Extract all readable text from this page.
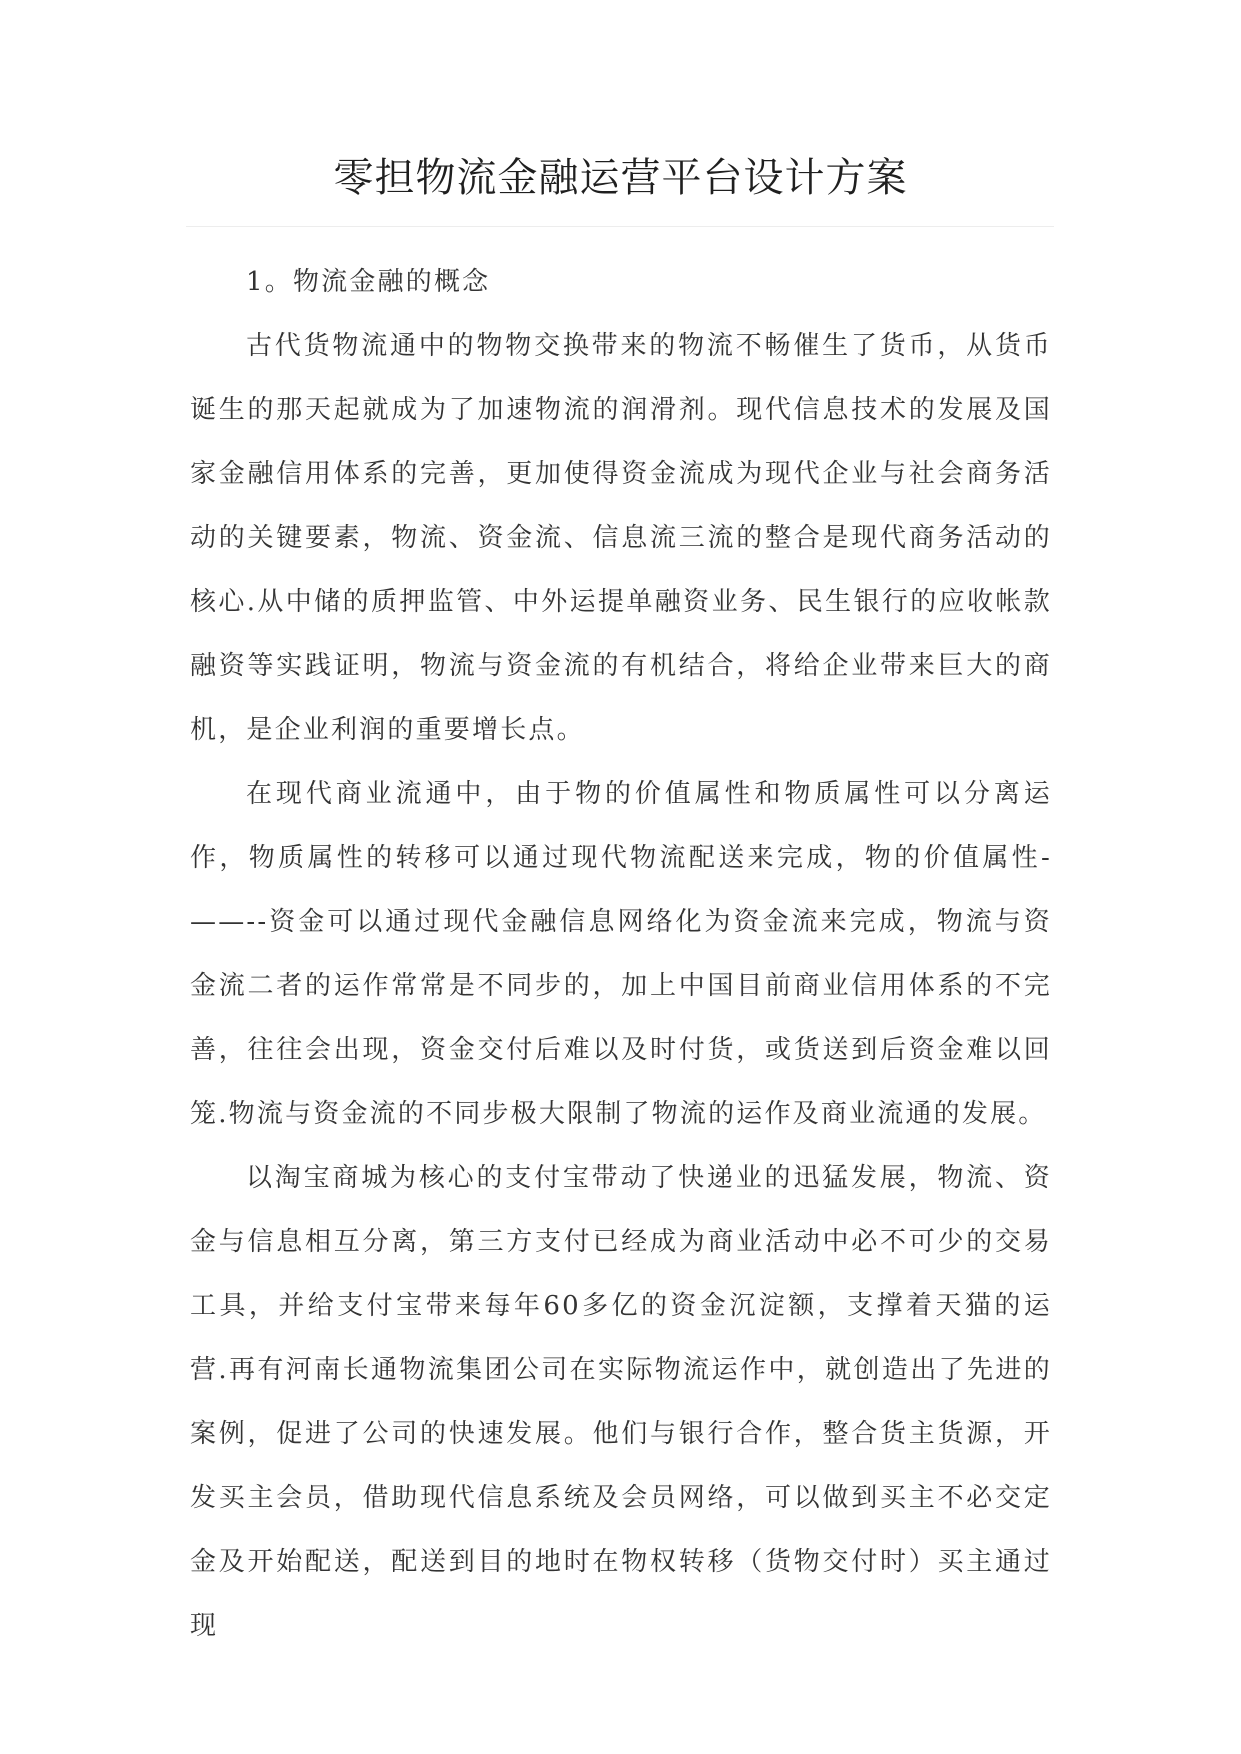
零担物流金融运营平台设计方案

1。物流金融的概念

古代货物流通中的物物交换带来的物流不畅催生了货币，从货币诞生的那天起就成为了加速物流的润滑剂。现代信息技术的发展及国家金融信用体系的完善，更加使得资金流成为现代企业与社会商务活动的关键要素，物流、资金流、信息流三流的整合是现代商务活动的核心.从中储的质押监管、中外运提单融资业务、民生银行的应收帐款融资等实践证明，物流与资金流的有机结合，将给企业带来巨大的商机，是企业利润的重要增长点。

在现代商业流通中，由于物的价值属性和物质属性可以分离运作，物质属性的转移可以通过现代物流配送来完成，物的价值属性-——--资金可以通过现代金融信息网络化为资金流来完成，物流与资金流二者的运作常常是不同步的，加上中国目前商业信用体系的不完善，往往会出现，资金交付后难以及时付货，或货送到后资金难以回笼.物流与资金流的不同步极大限制了物流的运作及商业流通的发展。

以淘宝商城为核心的支付宝带动了快递业的迅猛发展，物流、资金与信息相互分离，第三方支付已经成为商业活动中必不可少的交易工具，并给支付宝带来每年60多亿的资金沉淀额，支撑着天猫的运营.再有河南长通物流集团公司在实际物流运作中，就创造出了先进的案例，促进了公司的快速发展。他们与银行合作，整合货主货源，开发买主会员，借助现代信息系统及会员网络，可以做到买主不必交定金及开始配送，配送到目的地时在物权转移（货物交付时）买主通过现
